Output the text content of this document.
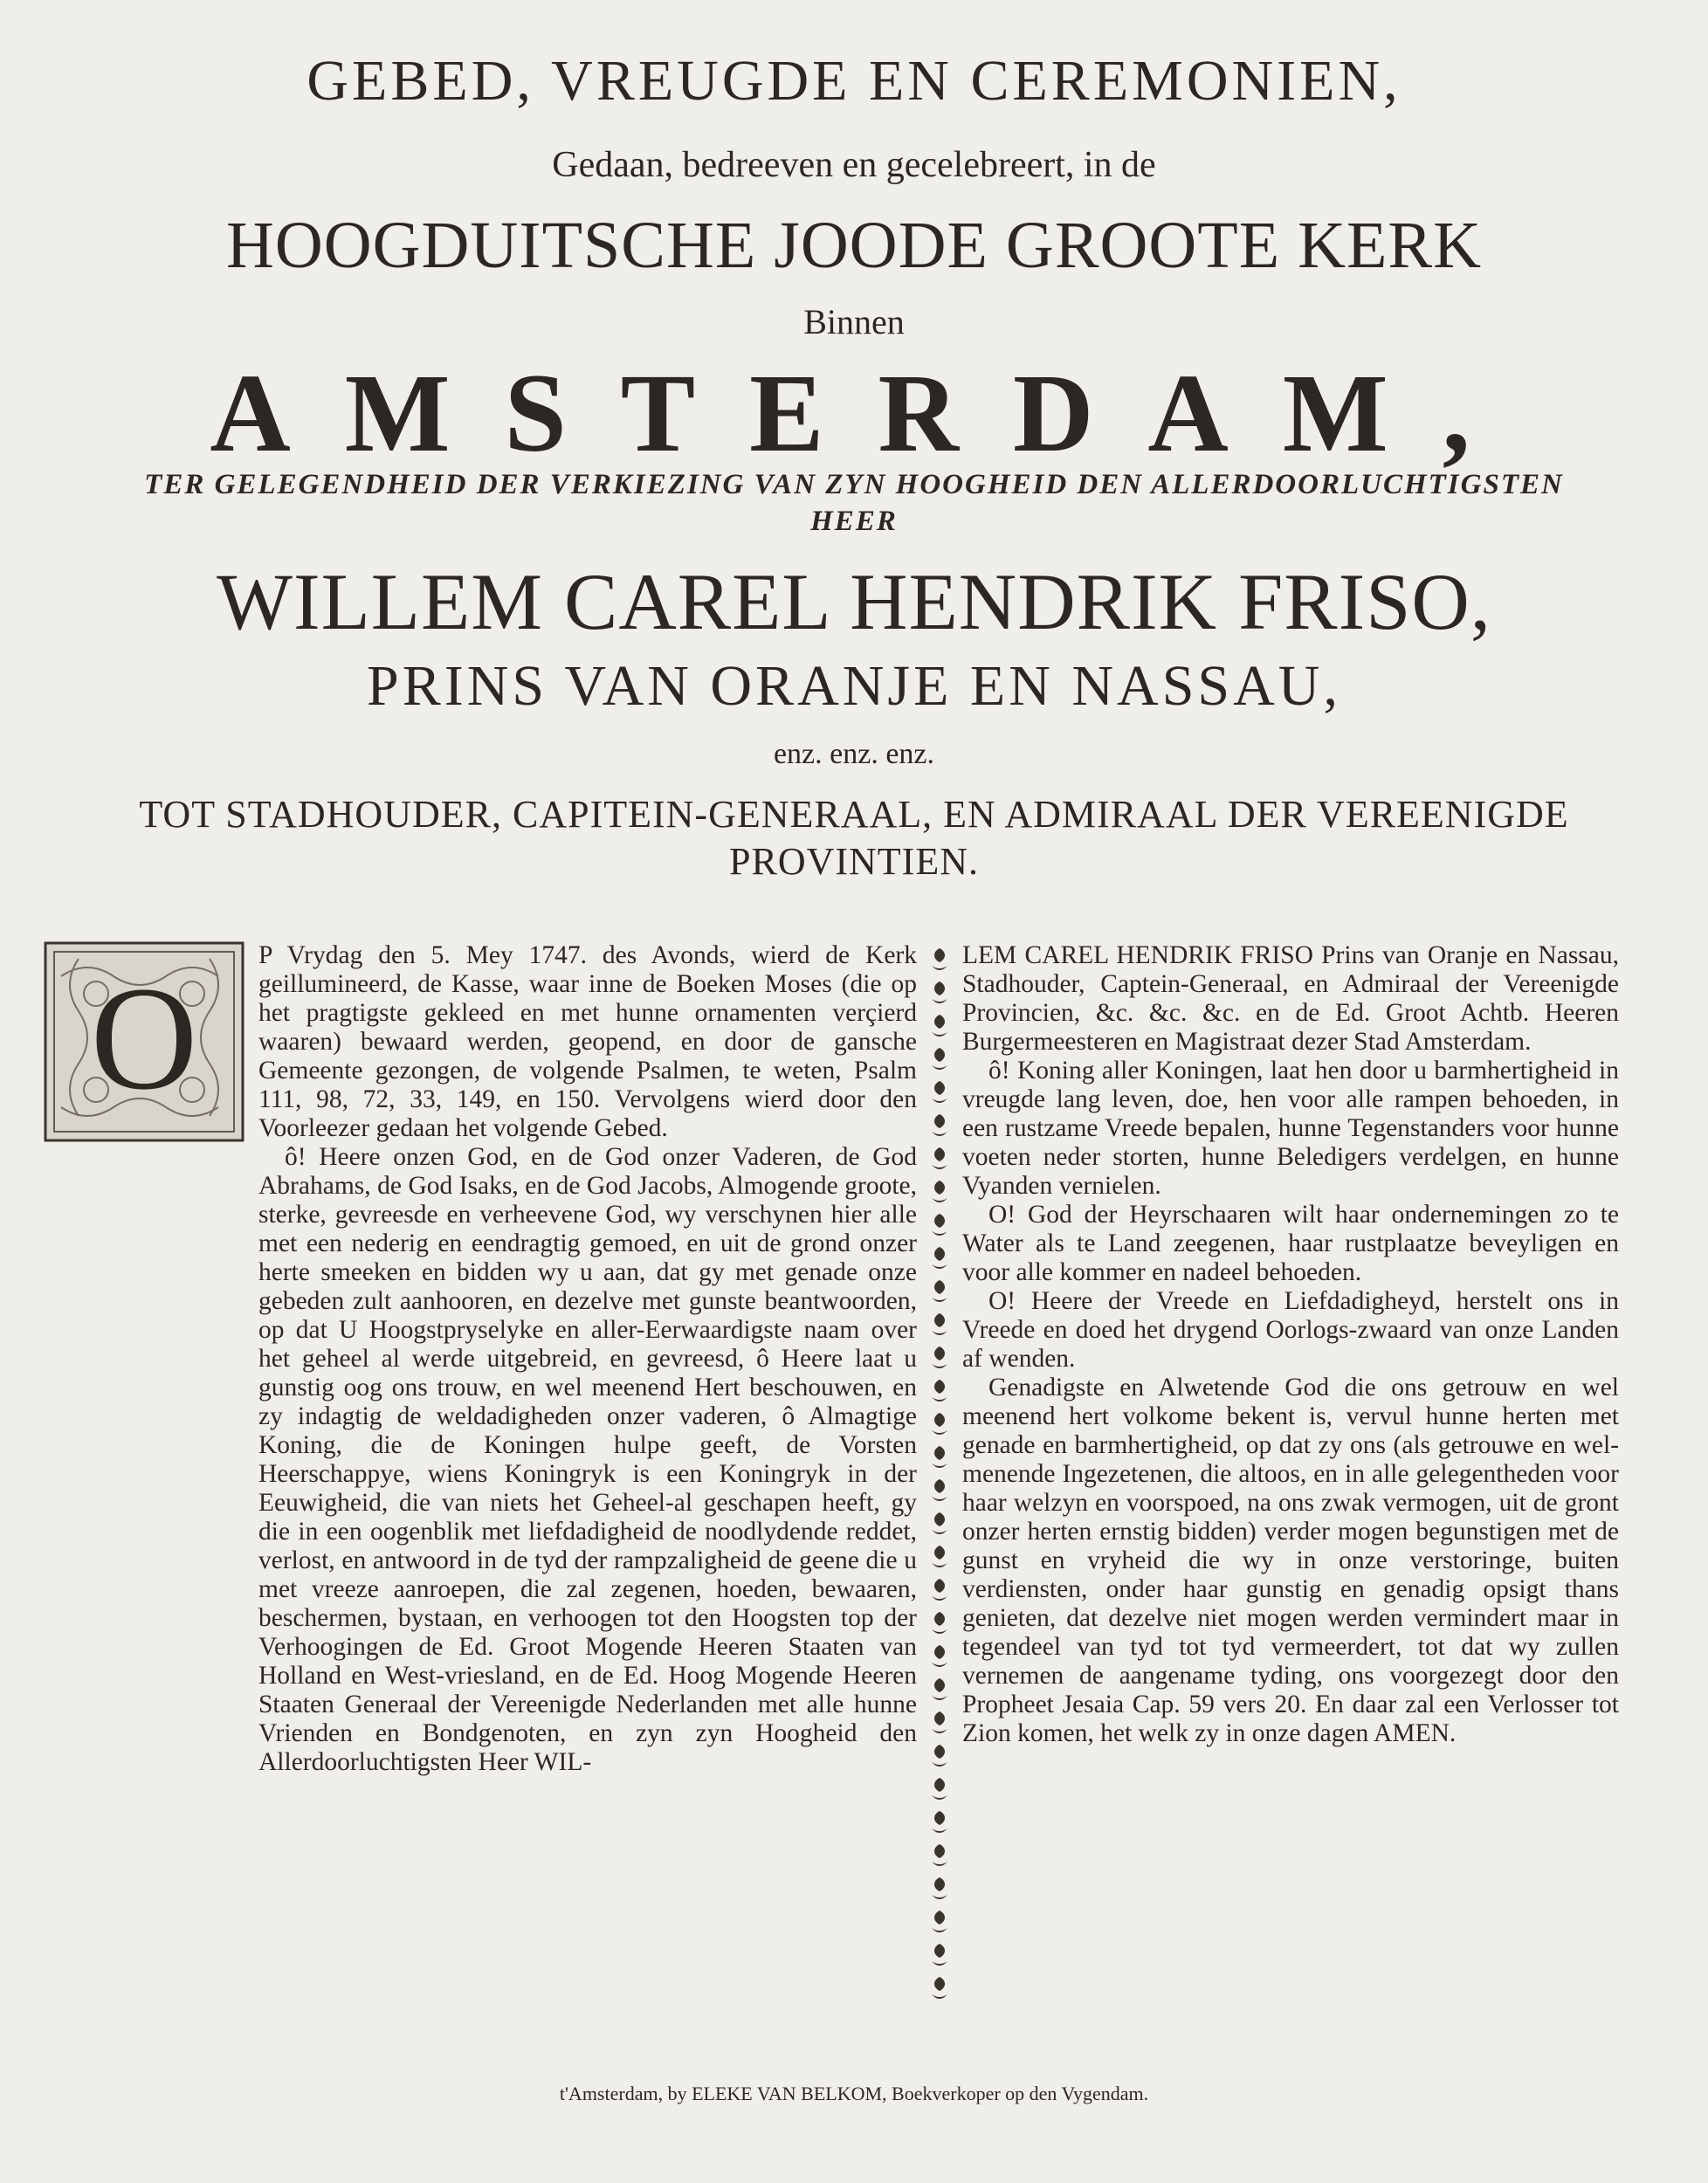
GEBED, VREUGDE EN CEREMONIEN,
Gedaan, bedreeven en gecelebreert, in de
HOOGDUITSCHE JOODE GROOTE KERK
Binnen
AMSTERDAM,
TER GELEGENDHEID DER VERKIEZING VAN ZYN HOOGHEID DEN ALLERDOORLUCHTIGSTEN HEER
WILLEM CAREL HENDRIK FRISO,
PRINS VAN ORANJE EN NASSAU,
enz. enz. enz.
TOT STADHOUDER, CAPITEIN-GENERAAL, EN ADMIRAAL DER VEREENIGDE PROVINTIEN.
O

P Vrydag den 5. Mey 1747. des Avonds, wierd de Kerk geillumineerd, de Kasse, waar inne de Boeken Moses (die op het pragtigste gekleed en met hunne ornamenten verçierd waaren) bewaard werden, geopend, en door de gansche Gemeente gezongen, de volgende Psalmen, te weten, Psalm 111, 98, 72, 33, 149, en 150. Vervolgens wierd door den Voorleezer gedaan het volgende Gebed.

ô! Heere onzen God, en de God onzer Vaderen, de God Abrahams, de God Isaks, en de God Jacobs, Almogende groote, sterke, gevreesde en verheevene God, wy verschynen hier alle met een nederig en eendragtig gemoed, en uit de grond onzer herte smeeken en bidden wy u aan, dat gy met genade onze gebeden zult aanhooren, en dezelve met gunste beantwoorden, op dat U Hoogstpryselyke en aller-Eerwaardigste naam over het geheel al werde uitgebreid, en gevreesd, ô Heere laat u gunstig oog ons trouw, en wel meenend Hert beschouwen, en zy indagtig de weldadigheden onzer vaderen, ô Almagtige Koning, die de Koningen hulpe geeft, de Vorsten Heerschappye, wiens Koningryk is een Koningryk in der Eeuwigheid, die van niets het Geheel-al geschapen heeft, gy die in een oogenblik met liefdadigheid de noodlydende reddet, verlost, en antwoord in de tyd der rampzaligheid de geene die u met vreeze aanroepen, die zal zegenen, hoeden, bewaaren, beschermen, bystaan, en verhoogen tot den Hoogsten top der Verhoogingen de Ed. Groot Mogende Heeren Staaten van Holland en West-vriesland, en de Ed. Hoog Mogende Heeren Staaten Generaal der Vereenigde Nederlanden met alle hunne Vrienden en Bondgenoten, en zyn zyn Hoogheid den Allerdoorluchtigsten Heer WIL-

LEM CAREL HENDRIK FRISO Prins van Oranje en Nassau, Stadhouder, Captein-Generaal, en Admiraal der Vereenigde Provincien, &c. &c. &c. en de Ed. Groot Achtb. Heeren Burgermeesteren en Magistraat dezer Stad Amsterdam.

ô! Koning aller Koningen, laat hen door u barmhertigheid in vreugde lang leven, doe, hen voor alle rampen behoeden, in een rustzame Vreede bepalen, hunne Tegenstanders voor hunne voeten neder storten, hunne Beledigers verdelgen, en hunne Vyanden vernielen.

O! God der Heyrschaaren wilt haar ondernemingen zo te Water als te Land zeegenen, haar rustplaatze beveyligen en voor alle kommer en nadeel behoeden.

O! Heere der Vreede en Liefdadigheyd, herstelt ons in Vreede en doed het drygend Oorlogs-zwaard van onze Landen af wenden.

Genadigste en Alwetende God die ons getrouw en wel meenend hert volkome bekent is, vervul hunne herten met genade en barmhertigheid, op dat zy ons (als getrouwe en wel-menende Ingezetenen, die altoos, en in alle gelegentheden voor haar welzyn en voorspoed, na ons zwak vermogen, uit de gront onzer herten ernstig bidden) verder mogen begunstigen met de gunst en vryheid die wy in onze verstoringe, buiten verdiensten, onder haar gunstig en genadig opsigt thans genieten, dat dezelve niet mogen werden vermindert maar in tegendeel van tyd tot tyd vermeerdert, tot dat wy zullen vernemen de aangename tyding, ons voorgezegt door den Propheet Jesaia Cap. 59 vers 20. En daar zal een Verlosser tot Zion komen, het welk zy in onze dagen AMEN.

t'Amsterdam, by ELEKE VAN BELKOM, Boekverkoper op den Vygendam.
